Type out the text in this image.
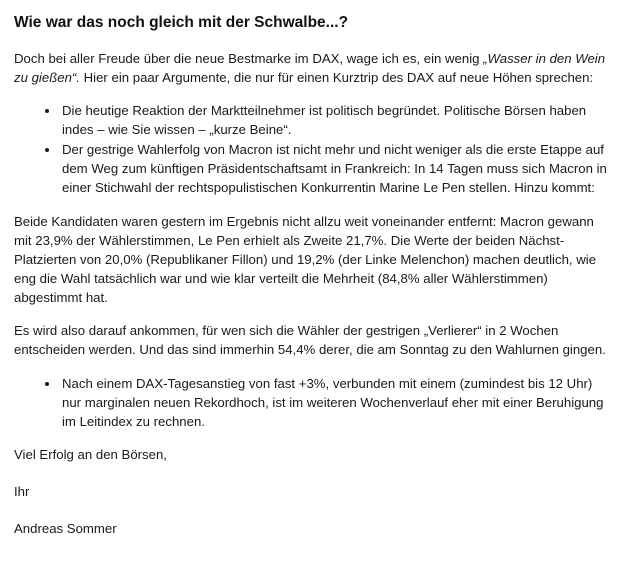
Wie war das noch gleich mit der Schwalbe...?

Doch bei aller Freude über die neue Bestmarke im DAX, wage ich es, ein wenig „Wasser in den Wein zu gießen“. Hier ein paar Argumente, die nur für einen Kurztrip des DAX auf neue Höhen sprechen:

• Die heutige Reaktion der Marktteilnehmer ist politisch begründet. Politische Börsen haben indes – wie Sie wissen – „kurze Beine“.
• Der gestrige Wahlerfolg von Macron ist nicht mehr und nicht weniger als die erste Etappe auf dem Weg zum künftigen Präsidentschaftsamt in Frankreich: In 14 Tagen muss sich Macron in einer Stichwahl der rechtspopulistischen Konkurrentin Marine Le Pen stellen. Hinzu kommt:

Beide Kandidaten waren gestern im Ergebnis nicht allzu weit voneinander entfernt: Macron gewann mit 23,9% der Wählerstimmen, Le Pen erhielt als Zweite 21,7%. Die Werte der beiden Nächst-Platzierten von 20,0% (Republikaner Fillon) und 19,2% (der Linke Melenchon) machen deutlich, wie eng die Wahl tatsächlich war und wie klar verteilt die Mehrheit (84,8% aller Wählerstimmen) abgestimmt hat.

Es wird also darauf ankommen, für wen sich die Wähler der gestrigen „Verlierer“ in 2 Wochen entscheiden werden. Und das sind immerhin 54,4% derer, die am Sonntag zu den Wahlurnen gingen.

• Nach einem DAX-Tagesanstieg von fast +3%, verbunden mit einem (zumindest bis 12 Uhr) nur marginalen neuen Rekordhoch, ist im weiteren Wochenverlauf eher mit einer Beruhigung im Leitindex zu rechnen.

Viel Erfolg an den Börsen,

Ihr

Andreas Sommer
